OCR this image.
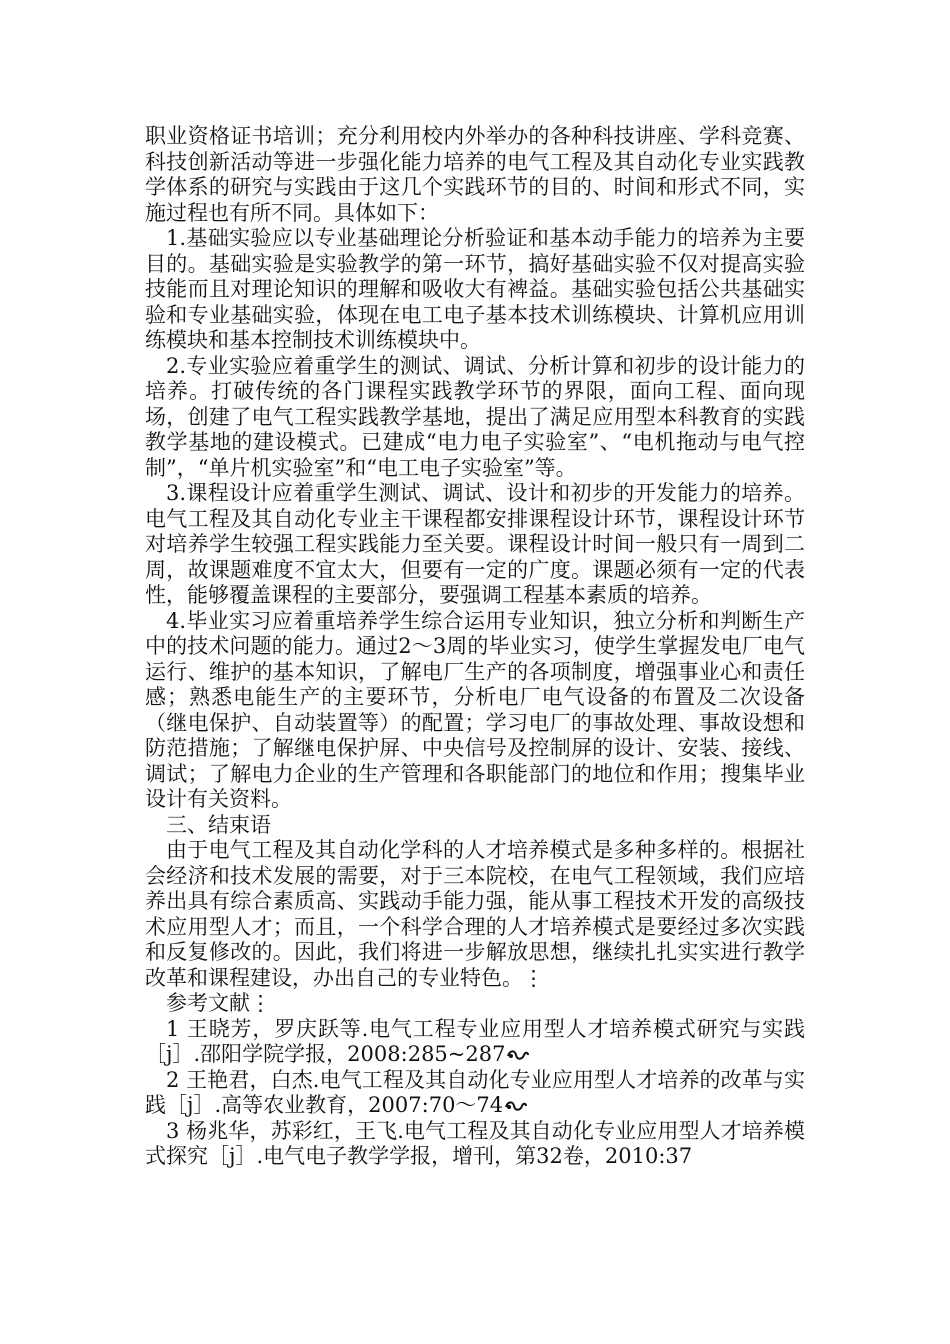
职业资格证书培训；充分利用校内外举办的各种科技讲座、学科竞赛、科技创新活动等进一步强化能力培养的电气工程及其自动化专业实践教学体系的研究与实践由于这几个实践环节的目的、时间和形式不同，实施过程也有所不同。具体如下：

1.基础实验应以专业基础理论分析验证和基本动手能力的培养为主要目的。基础实验是实验教学的第一环节，搞好基础实验不仅对提高实验技能而且对理论知识的理解和吸收大有裨益。基础实验包括公共基础实验和专业基础实验，体现在电工电子基本技术训练模块、计算机应用训练模块和基本控制技术训练模块中。

2.专业实验应着重学生的测试、调试、分析计算和初步的设计能力的培养。打破传统的各门课程实践教学环节的界限，面向工程、面向现场，创建了电气工程实践教学基地，提出了满足应用型本科教育的实践教学基地的建设模式。已建成“电力电子实验室”、“电机拖动与电气控制”，“单片机实验室”和“电工电子实验室”等。

3.课程设计应着重学生测试、调试、设计和初步的开发能力的培养。电气工程及其自动化专业主干课程都安排课程设计环节，课程设计环节对培养学生较强工程实践能力至关要。课程设计时间一般只有一周到二周，故课题难度不宜太大，但要有一定的广度。课题必须有一定的代表性，能够覆盖课程的主要部分，要强调工程基本素质的培养。

4.毕业实习应着重培养学生综合运用专业知识，独立分析和判断生产中的技术问题的能力。通过2～3周的毕业实习，使学生掌握发电厂电气运行、维护的基本知识，了解电厂生产的各项制度，增强事业心和责任感；熟悉电能生产的主要环节，分析电厂电气设备的布置及二次设备（继电保护、自动装置等）的配置；学习电厂的事故处理、事故设想和防范措施；了解继电保护屏、中央信号及控制屏的设计、安装、接线、调试；了解电力企业的生产管理和各职能部门的地位和作用；搜集毕业设计有关资料。

三、结束语

由于电气工程及其自动化学科的人才培养模式是多种多样的。根据社会经济和技术发展的需要，对于三本院校，在电气工程领域，我们应培养出具有综合素质高、实践动手能力强，能从事工程技术开发的高级技术应用型人才；而且，一个科学合理的人才培养模式是要经过多次实践和反复修改的。因此，我们将进一步解放思想，继续扎扎实实进行教学改革和课程建设，办出自己的专业特色。⋮

参考文献⋮

1 王晓芳，罗庆跃等.电气工程专业应用型人才培养模式研究与实践［j］.邵阳学院学报，2008:285~287

2 王艳君，白杰.电气工程及其自动化专业应用型人才培养的改革与实践［j］.高等农业教育，2007:70～74

3 杨兆华，苏彩红，王飞.电气工程及其自动化专业应用型人才培养模式探究［j］.电气电子教学学报，增刊，第32卷，2010:37
